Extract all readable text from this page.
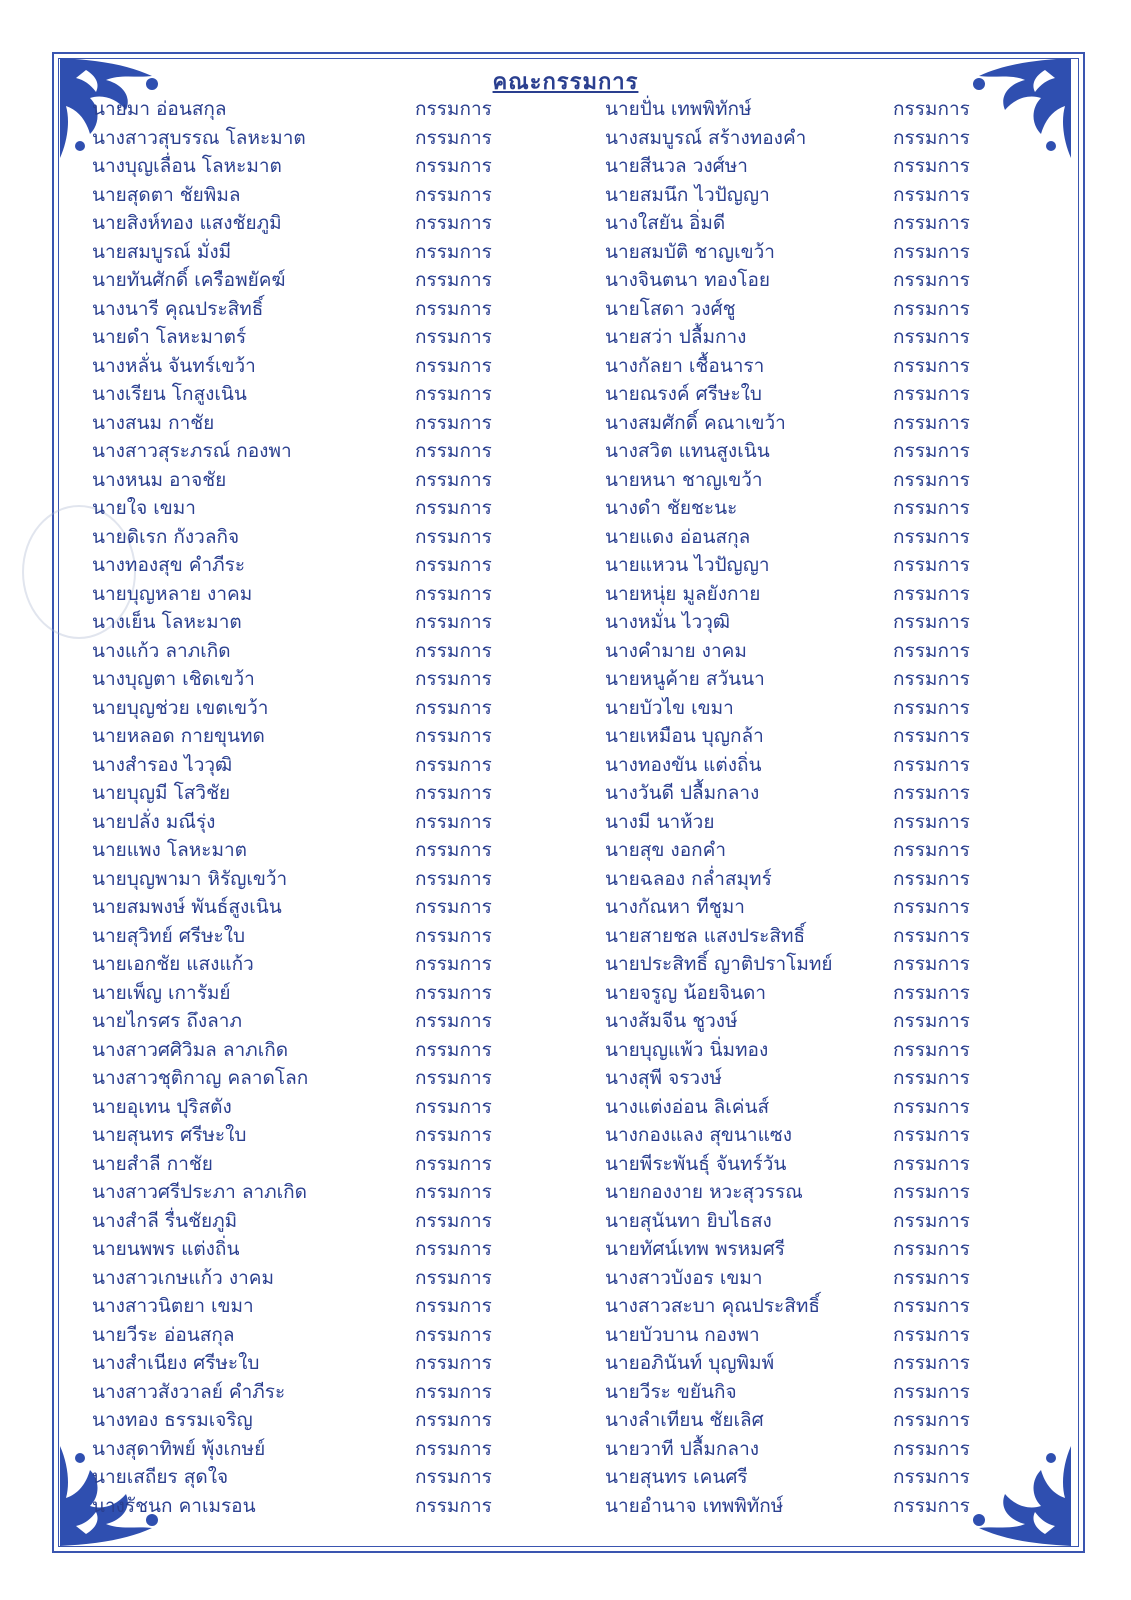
คณะกรรมการ
นายมา อ่อนสกุล	กรรมการ	นายปั่น เทพพิทักษ์	กรรมการ
นางสาวสุบรรณ โลหะมาต	กรรมการ	นางสมบูรณ์ สร้างทองคำ	กรรมการ
นางบุญเลื่อน โลหะมาต	กรรมการ	นายสีนวล วงศ์ษา	กรรมการ
นายสุดตา ชัยพิมล	กรรมการ	นายสมนึก ไวปัญญา	กรรมการ
นายสิงห์ทอง แสงชัยภูมิ	กรรมการ	นางใสยัน อิ่มดี	กรรมการ
นายสมบูรณ์ มั่งมี	กรรมการ	นายสมบัติ ชาญเขว้า	กรรมการ
นายทันศักดิ์ เครือพยัคฆ์	กรรมการ	นางจินตนา ทองโอย	กรรมการ
นางนารี คุณประสิทธิ์	กรรมการ	นายโสดา วงศ์ชู	กรรมการ
นายดำ โลหะมาตร์	กรรมการ	นายสว่า ปลื้มกาง	กรรมการ
นางหลั่น จันทร์เขว้า	กรรมการ	นางกัลยา เชื้อนารา	กรรมการ
นางเรียน โกสูงเนิน	กรรมการ	นายณรงค์ ศรีษะใบ	กรรมการ
นางสนม กาชัย	กรรมการ	นางสมศักดิ์ คณาเขว้า	กรรมการ
นางสาวสุระภรณ์ กองพา	กรรมการ	นางสวิต แทนสูงเนิน	กรรมการ
นางหนม อาจชัย	กรรมการ	นายหนา ชาญเขว้า	กรรมการ
นายใจ เขมา	กรรมการ	นางดำ ชัยชะนะ	กรรมการ
นายดิเรก กังวลกิจ	กรรมการ	นายแดง อ่อนสกุล	กรรมการ
นางทองสุข คำภีระ	กรรมการ	นายแหวน ไวปัญญา	กรรมการ
นายบุญหลาย งาคม	กรรมการ	นายหนุ่ย มูลยังกาย	กรรมการ
นางเย็น โลหะมาต	กรรมการ	นางหมั่น ไววุฒิ	กรรมการ
นางแก้ว ลาภเกิด	กรรมการ	นางคำมาย งาคม	กรรมการ
นางบุญตา เชิดเขว้า	กรรมการ	นายหนูค้าย สวันนา	กรรมการ
นายบุญช่วย เขตเขว้า	กรรมการ	นายบัวไข เขมา	กรรมการ
นายหลอด กายขุนทด	กรรมการ	นายเหมือน บุญกล้า	กรรมการ
นางสำรอง ไววุฒิ	กรรมการ	นางทองขัน แต่งถิ่น	กรรมการ
นายบุญมี โสวิชัย	กรรมการ	นางวันดี ปลื้มกลาง	กรรมการ
นายปลั่ง มณีรุ่ง	กรรมการ	นางมี นาห้วย	กรรมการ
นายแพง โลหะมาต	กรรมการ	นายสุข งอกคำ	กรรมการ
นายบุญพามา หิรัญเขว้า	กรรมการ	นายฉลอง กล่ำสมุทร์	กรรมการ
นายสมพงษ์ พันธ์สูงเนิน	กรรมการ	นางกัณหา ทีชูมา	กรรมการ
นายสุวิทย์ ศรีษะใบ	กรรมการ	นายสายชล แสงประสิทธิ์	กรรมการ
นายเอกชัย แสงแก้ว	กรรมการ	นายประสิทธิ์ ญาติปราโมทย์	กรรมการ
นายเพ็ญ เการัมย์	กรรมการ	นายจรูญ น้อยจินดา	กรรมการ
นายไกรศร ถึงลาภ	กรรมการ	นางส้มจีน ชูวงษ์	กรรมการ
นางสาวศศิวิมล ลาภเกิด	กรรมการ	นายบุญแพ้ว นิ่มทอง	กรรมการ
นางสาวชุติกาญ คลาดโลก	กรรมการ	นางสุพี จรวงษ์	กรรมการ
นายอุเทน ปุริสตัง	กรรมการ	นางแต่งอ่อน ลิเค่นส์	กรรมการ
นายสุนทร ศรีษะใบ	กรรมการ	นางกองแลง สุขนาแซง	กรรมการ
นายสำลี กาชัย	กรรมการ	นายพีระพันธุ์ จันทร์วัน	กรรมการ
นางสาวศรีประภา ลาภเกิด	กรรมการ	นายกองงาย หวะสุวรรณ	กรรมการ
นางสำลี รื่นชัยภูมิ	กรรมการ	นายสุนันทา ยิบไธสง	กรรมการ
นายนพพร แต่งถิ่น	กรรมการ	นายทัศน์เทพ พรหมศรี	กรรมการ
นางสาวเกษแก้ว งาคม	กรรมการ	นางสาวบังอร เขมา	กรรมการ
นางสาวนิตยา เขมา	กรรมการ	นางสาวสะบา คุณประสิทธิ์	กรรมการ
นายวีระ อ่อนสกุล	กรรมการ	นายบัวบาน กองพา	กรรมการ
นางสำเนียง ศรีษะใบ	กรรมการ	นายอภินันท์ บุญพิมพ์	กรรมการ
นางสาวสังวาลย์ คำภีระ	กรรมการ	นายวีระ ขยันกิจ	กรรมการ
นางทอง ธรรมเจริญ	กรรมการ	นางลำเทียน ชัยเลิศ	กรรมการ
นางสุดาทิพย์ พุ้งเกษย์	กรรมการ	นายวาที ปลื้มกลาง	กรรมการ
นายเสถียร สุดใจ	กรรมการ	นายสุนทร เคนศรี	กรรมการ
นางรัชนก คาเมรอน	กรรมการ	นายอำนาจ เทพพิทักษ์	กรรมการ
